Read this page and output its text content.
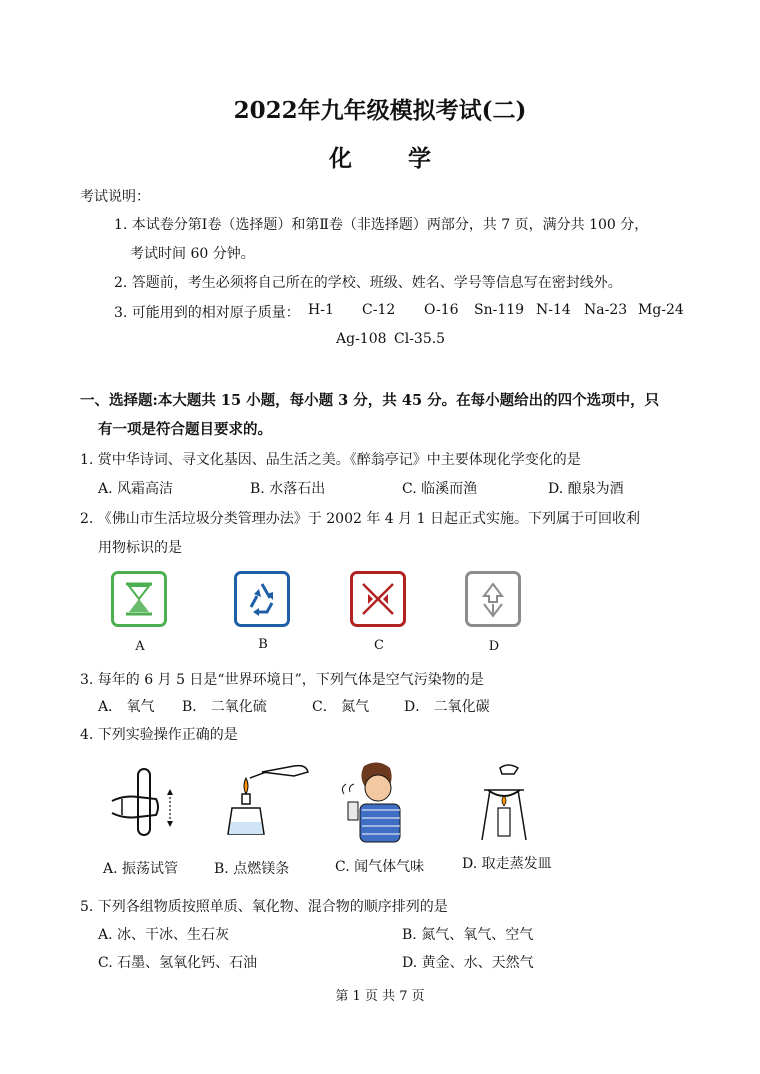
2022年九年级模拟考试(二)
化 学
考试说明：
1. 本试卷分第Ⅰ卷（选择题）和第Ⅱ卷（非选择题）两部分，共 7 页，满分共 100 分，
考试时间 60 分钟。
2. 答题前，考生必须将自己所在的学校、班级、姓名、学号等信息写在密封线外。
3. 可能用到的相对原子质量： H-1 C-12 O-16 Sn-119 N-14 Na-23 Mg-24
Ag-108 Cl-35.5
一、选择题:本大题共 15 小题，每小题 3 分，共 45 分。在每小题给出的四个选项中，只
有一项是符合题目要求的。
1. 赏中华诗词、寻文化基因、品生活之美。《醉翁亭记》中主要体现化学变化的是
A. 风霜高洁	B. 水落石出	C. 临溪而渔	D. 酿泉为酒
2. 《佛山市生活垃圾分类管理办法》于 2002 年 4 月 1 日起正式实施。下列属于可回收利
用物标识的是
A	B	C	D
3. 每年的 6 月 5 日是“世界环境日”，下列气体是空气污染物的是
A． 氧气 B． 二氧化硫	C． 氮气 D． 二氧化碳
4. 下列实验操作正确的是
A. 振荡试管	B. 点燃镁条	C. 闻气体气味	D. 取走蒸发皿
5. 下列各组物质按照单质、氧化物、混合物的顺序排列的是
A. 冰、干冰、生石灰	B. 氮气、氧气、空气
C. 石墨、氢氧化钙、石油	D. 黄金、水、天然气
第 1 页 共 7 页
